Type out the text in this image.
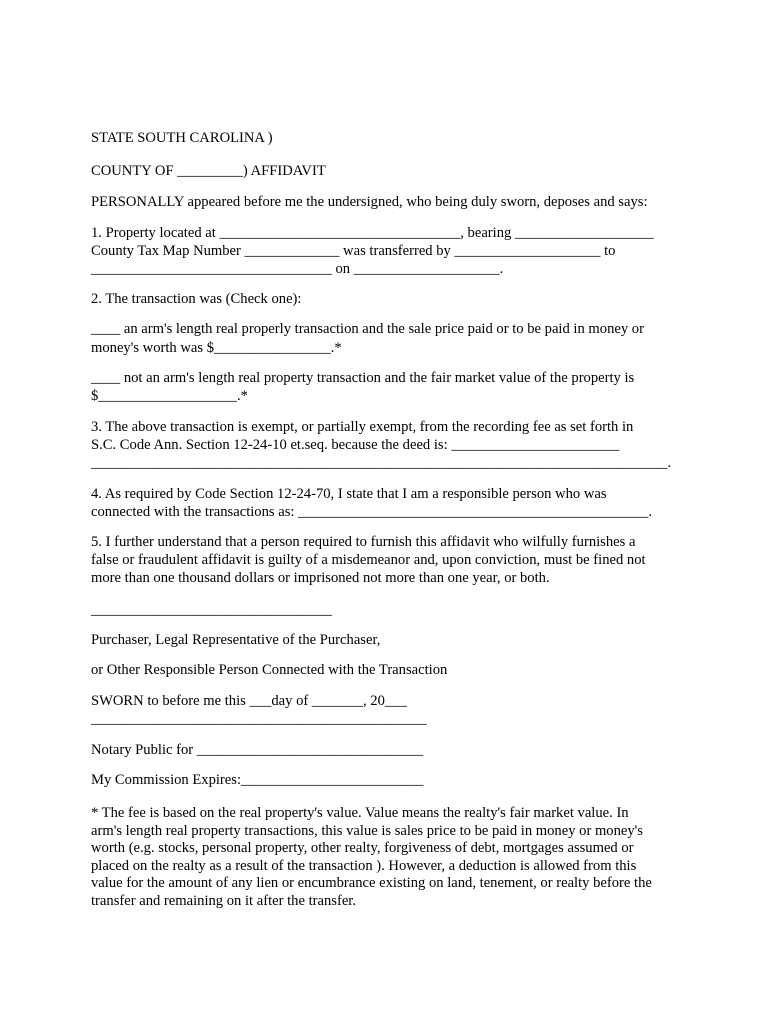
STATE SOUTH CAROLINA )
COUNTY OF _________) AFFIDAVIT
PERSONALLY appeared before me the undersigned, who being duly sworn, deposes and says:
1. Property located at _________________________________, bearing ___________________
County Tax Map Number _____________ was transferred by ____________________ to
_________________________________ on ____________________.
2. The transaction was (Check one):
____ an arm's length real properly transaction and the sale price paid or to be paid in money or
money's worth was $________________.*
____ not an arm's length real property transaction and the fair market value of the property is
$___________________.*
3. The above transaction is exempt, or partially exempt, from the recording fee as set forth in
S.C. Code Ann. Section 12-24-10 et.seq. because the deed is: _______________________
_______________________________________________________________________________.
4. As required by Code Section 12-24-70, I state that I am a responsible person who was
connected with the transactions as: ________________________________________________.
5. I further understand that a person required to furnish this affidavit who wilfully furnishes a
false or fraudulent affidavit is guilty of a misdemeanor and, upon conviction, must be fined not
more than one thousand dollars or imprisoned not more than one year, or both.
_________________________________
Purchaser, Legal Representative of the Purchaser,
or Other Responsible Person Connected with the Transaction
SWORN to before me this ___day of _______, 20___
______________________________________________
Notary Public for _______________________________
My Commission Expires:_________________________
* The fee is based on the real property's value. Value means the realty's fair market value. In
arm's length real property transactions, this value is sales price to be paid in money or money's
worth (e.g. stocks, personal property, other realty, forgiveness of debt, mortgages assumed or
placed on the realty as a result of the transaction ). However, a deduction is allowed from this
value for the amount of any lien or encumbrance existing on land, tenement, or realty before the
transfer and remaining on it after the transfer.
